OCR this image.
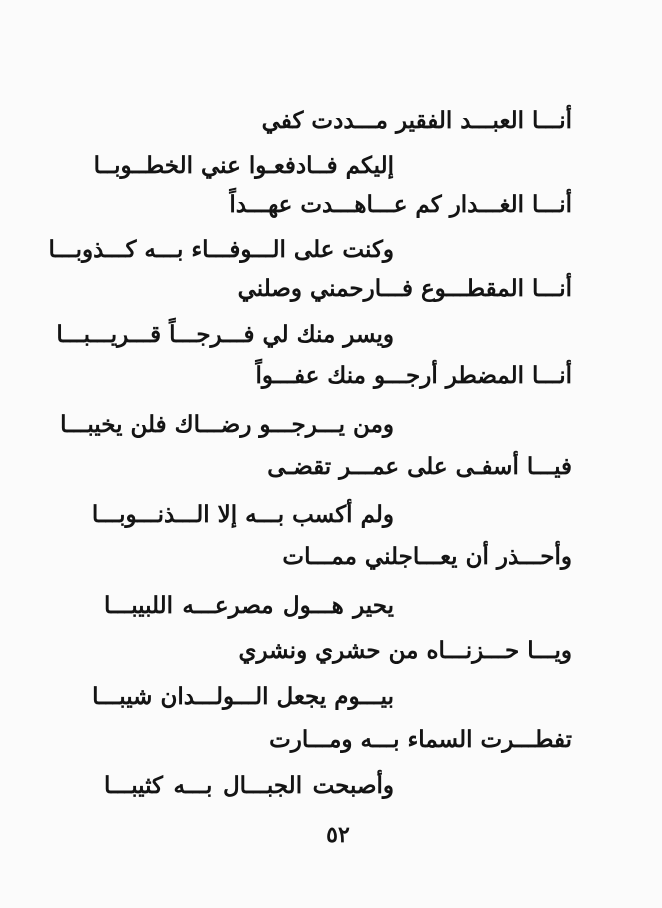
أنـــا العبـــد الفقير مـــددت كفي
إليكم فــادفعـوا عني الخطــوبــا
أنـــا الغـــدار كم عـــاهـــدت عهـــداً
وكنت على الـــوفـــاء بـــه كـــذوبـــا
أنـــا المقطـــوع فـــارحمني وصلني
ويسر منك لي فـــرجـــاً قـــريـــبـــا
أنـــا المضطر أرجـــو منك عفـــواً
ومن يـــرجـــو رضـــاك فلن يخيبـــا
فيـــا أسفـى على عمـــر تقضـى
ولم أكسب بـــه إلا الـــذنـــوبـــا
وأحـــذر أن يعـــاجلني ممـــات
يحير هـــول مصرعـــه اللبيبـــا
ويـــا حـــزنـــاه من حشري ونشري
بيـــوم يجعل الـــولـــدان شيبـــا
تفطـــرت السماء بـــه ومـــارت
وأصبحت الجبـــال بـــه كثيبـــا
٥٢
